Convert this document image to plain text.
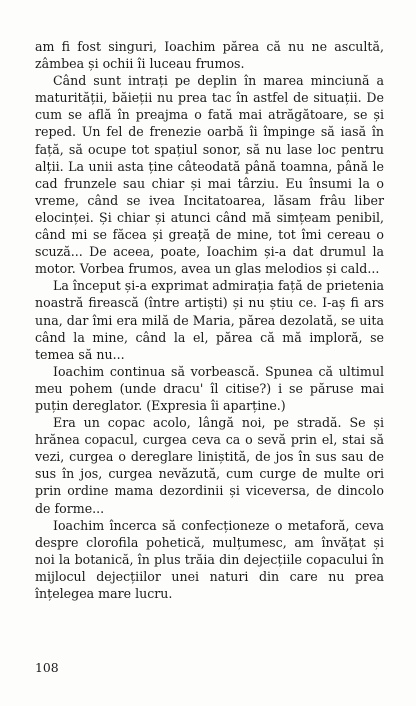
am fi fost singuri, Ioachim părea că nu ne ascultă, zâmbea și ochii îi luceau frumos.

Când sunt intrați pe deplin în marea minciună a maturității, băieții nu prea tac în astfel de situații. De cum se află în preajma o fată mai atrăgătoare, se și reped. Un fel de frenezie oarbă îi împinge să iasă în față, să ocupe tot spațiul sonor, să nu lase loc pentru alții. La unii asta ține câteodată până toamna, până le cad frunzele sau chiar și mai târziu. Eu însumi la o vreme, când se ivea Incitatoarea, lăsam frâu liber elocinței. Și chiar și atunci când mă simțeam penibil, când mi se făcea și greață de mine, tot îmi cereau o scuză... De aceea, poate, Ioachim și-a dat drumul la motor. Vorbea frumos, avea un glas melodios și cald...

La început și-a exprimat admirația față de prietenia noastră firească (între artiști) și nu știu ce. I-aș fi ars una, dar îmi era milă de Maria, părea dezolată, se uita când la mine, când la el, părea că mă imploră, se temea să nu...

Ioachim continua să vorbească. Spunea că ultimul meu pohem (unde dracu' îl citise?) i se păruse mai puțin dereglator. (Expresia îi aparține.)

Era un copac acolo, lângă noi, pe stradă. Se și hrănea copacul, curgea ceva ca o sevă prin el, stai să vezi, curgea o dereglare liniștită, de jos în sus sau de sus în jos, curgea nevăzută, cum curge de multe ori prin ordine mama dezordinii și viceversa, de dincolo de forme...

Ioachim încerca să confecționeze o metaforă, ceva despre clorofila pohetică, mulțumesc, am învățat și noi la botanică, în plus trăia din dejecțiile copacului în mijlocul dejecțiilor unei naturi din care nu prea înțelegea mare lucru.

108
